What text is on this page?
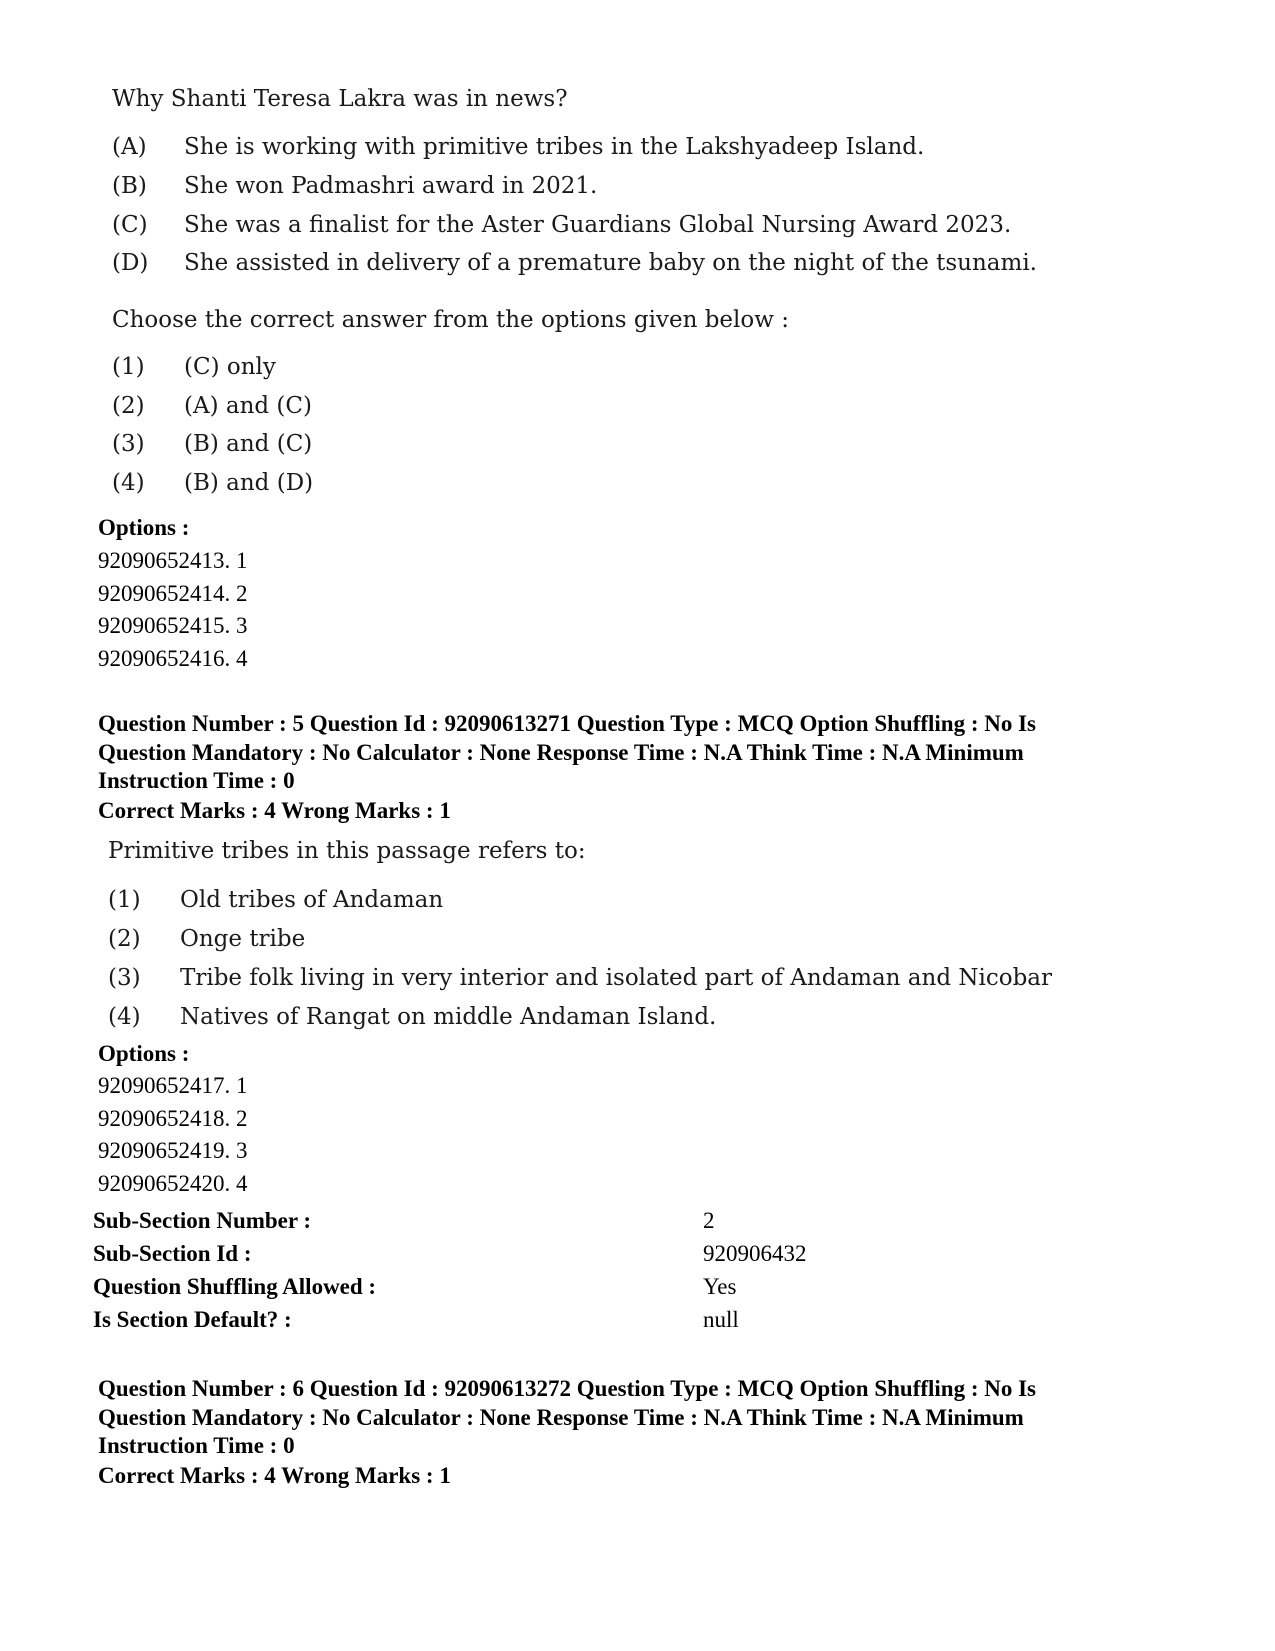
Why Shanti Teresa Lakra was in news?
(A) She is working with primitive tribes in the Lakshyadeep Island.
(B) She won Padmashri award in 2021.
(C) She was a finalist for the Aster Guardians Global Nursing Award 2023.
(D) She assisted in delivery of a premature baby on the night of the tsunami.
Choose the correct answer from the options given below :
(1) (C) only
(2) (A) and (C)
(3) (B) and (C)
(4) (B) and (D)
Options :
92090652413. 1
92090652414. 2
92090652415. 3
92090652416. 4
Question Number : 5 Question Id : 92090613271 Question Type : MCQ Option Shuffling : No Is
Question Mandatory : No Calculator : None Response Time : N.A Think Time : N.A Minimum
Instruction Time : 0
Correct Marks : 4 Wrong Marks : 1
Primitive tribes in this passage refers to:
(1) Old tribes of Andaman
(2) Onge tribe
(3) Tribe folk living in very interior and isolated part of Andaman and Nicobar
(4) Natives of Rangat on middle Andaman Island.
Options :
92090652417. 1
92090652418. 2
92090652419. 3
92090652420. 4
Sub-Section Number :	2
Sub-Section Id :	920906432
Question Shuffling Allowed :	Yes
Is Section Default? :	null
Question Number : 6 Question Id : 92090613272 Question Type : MCQ Option Shuffling : No Is
Question Mandatory : No Calculator : None Response Time : N.A Think Time : N.A Minimum
Instruction Time : 0
Correct Marks : 4 Wrong Marks : 1
